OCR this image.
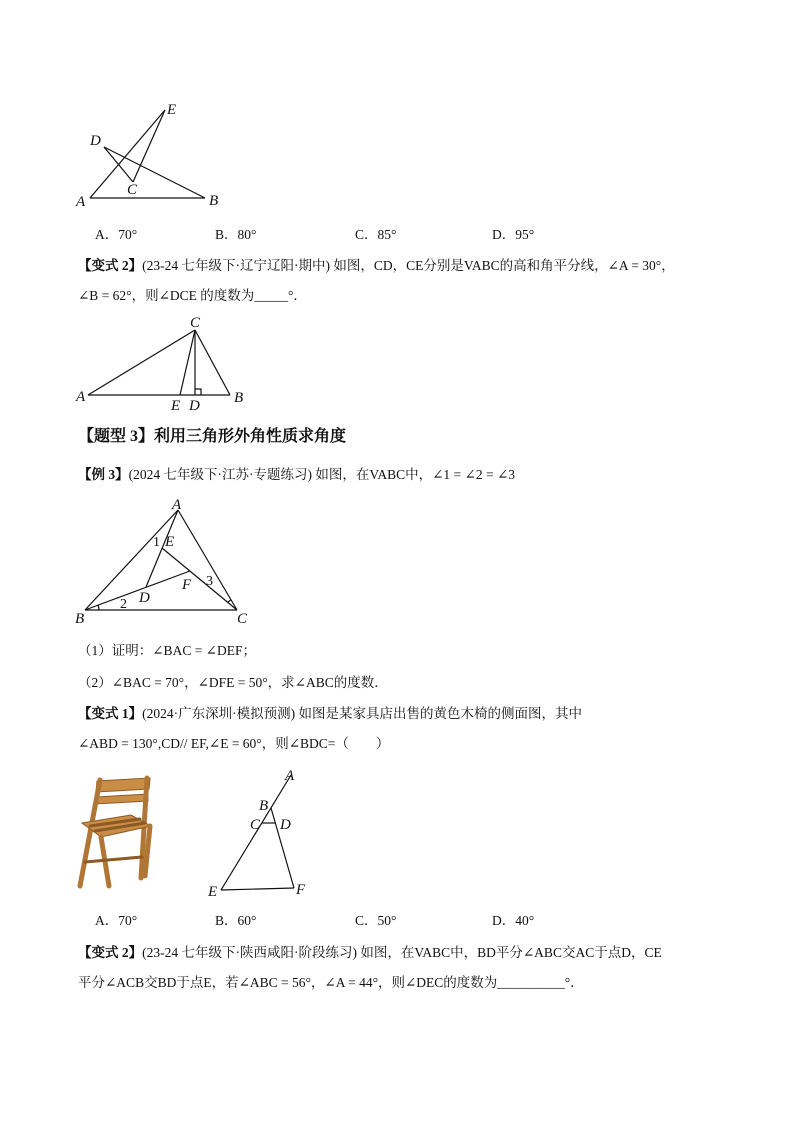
E
D
C
A	B
C
A
E D B
A
1 E
F 3
D
2
B	C
A
B
C D
E	F
A．70°	B．80°	C．85°	D．95°
【变式 2】(23-24 七年级下·辽宁辽阳·期中) 如图，CD，CE分别是VABC的高和角平分线，∠A = 30°，
∠B = 62°，则∠DCE 的度数为_____°．
【题型 3】利用三角形外角性质求角度
【例 3】(2024 七年级下·江苏·专题练习) 如图，在VABC中，∠1 = ∠2 = ∠3
（1）证明：∠BAC = ∠DEF；
（2）∠BAC = 70°，∠DFE = 50°，求∠ABC的度数．
【变式 1】(2024·广东深圳·模拟预测) 如图是某家具店出售的黄色木椅的侧面图，其中
∠ABD = 130°,CD// EF,∠E = 60°，则∠BDC=（　　）
A．70°	B．60°	C．50°	D．40°
【变式 2】(23-24 七年级下·陕西咸阳·阶段练习) 如图，在VABC中，BD平分∠ABC交AC于点D，CE
平分∠ACB交BD于点E，若∠ABC = 56°，∠A = 44°，则∠DEC的度数为__________°．
